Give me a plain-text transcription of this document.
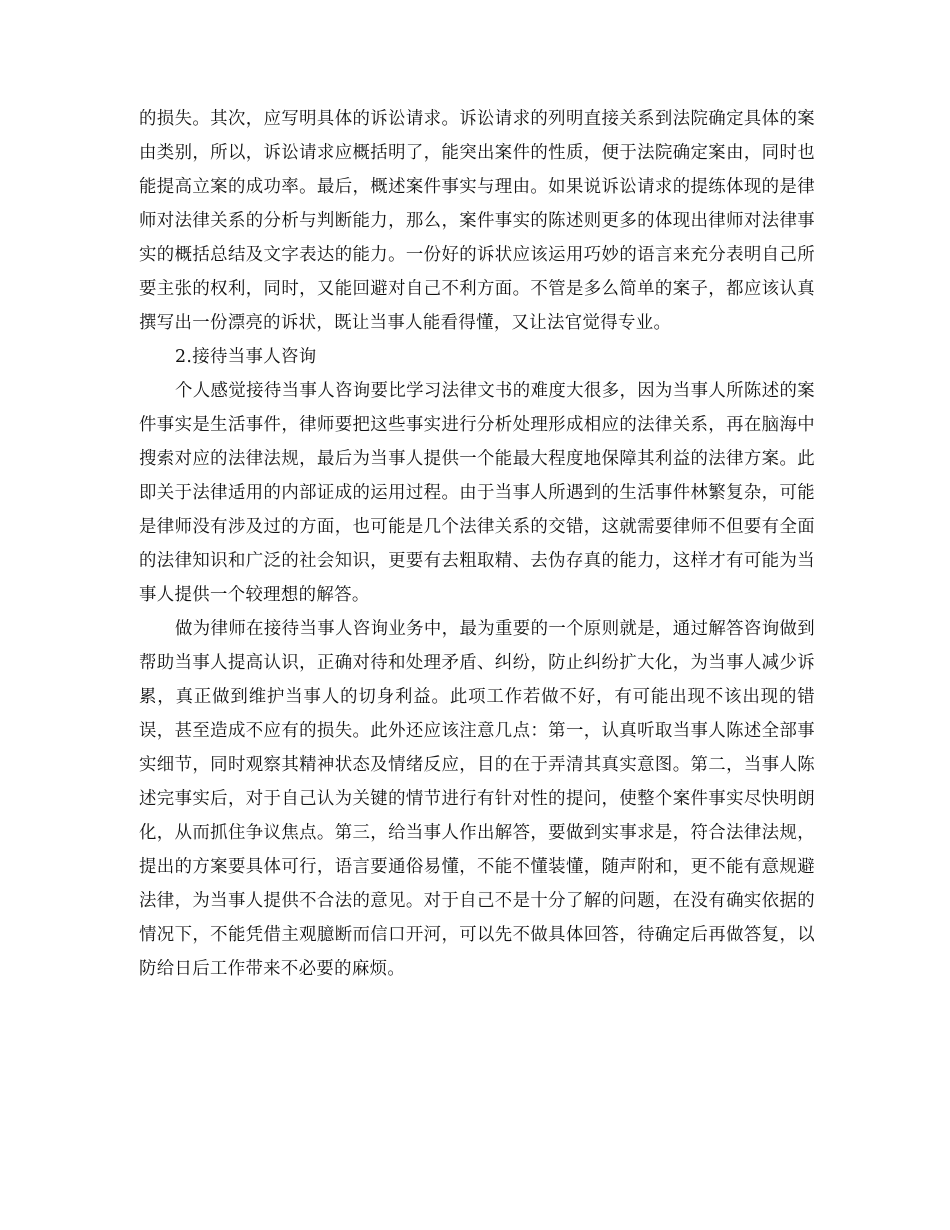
的损失。其次，应写明具体的诉讼请求。诉讼请求的列明直接关系到法院确定具体的案由类别，所以，诉讼请求应概括明了，能突出案件的性质，便于法院确定案由，同时也能提高立案的成功率。最后，概述案件事实与理由。如果说诉讼请求的提练体现的是律师对法律关系的分析与判断能力，那么，案件事实的陈述则更多的体现出律师对法律事实的概括总结及文字表达的能力。一份好的诉状应该运用巧妙的语言来充分表明自己所要主张的权利，同时，又能回避对自己不利方面。不管是多么简单的案子，都应该认真撰写出一份漂亮的诉状，既让当事人能看得懂，又让法官觉得专业。

2.接待当事人咨询

个人感觉接待当事人咨询要比学习法律文书的难度大很多，因为当事人所陈述的案件事实是生活事件，律师要把这些事实进行分析处理形成相应的法律关系，再在脑海中搜索对应的法律法规，最后为当事人提供一个能最大程度地保障其利益的法律方案。此即关于法律适用的内部证成的运用过程。由于当事人所遇到的生活事件林繁复杂，可能是律师没有涉及过的方面，也可能是几个法律关系的交错，这就需要律师不但要有全面的法律知识和广泛的社会知识，更要有去粗取精、去伪存真的能力，这样才有可能为当事人提供一个较理想的解答。

做为律师在接待当事人咨询业务中，最为重要的一个原则就是，通过解答咨询做到帮助当事人提高认识，正确对待和处理矛盾、纠纷，防止纠纷扩大化，为当事人减少诉累，真正做到维护当事人的切身利益。此项工作若做不好，有可能出现不该出现的错误，甚至造成不应有的损失。此外还应该注意几点：第一，认真听取当事人陈述全部事实细节，同时观察其精神状态及情绪反应，目的在于弄清其真实意图。第二，当事人陈述完事实后，对于自己认为关键的情节进行有针对性的提问，使整个案件事实尽快明朗化，从而抓住争议焦点。第三，给当事人作出解答，要做到实事求是，符合法律法规，提出的方案要具体可行，语言要通俗易懂，不能不懂装懂，随声附和，更不能有意规避法律，为当事人提供不合法的意见。对于自己不是十分了解的问题，在没有确实依据的情况下，不能凭借主观臆断而信口开河，可以先不做具体回答，待确定后再做答复，以防给日后工作带来不必要的麻烦。
